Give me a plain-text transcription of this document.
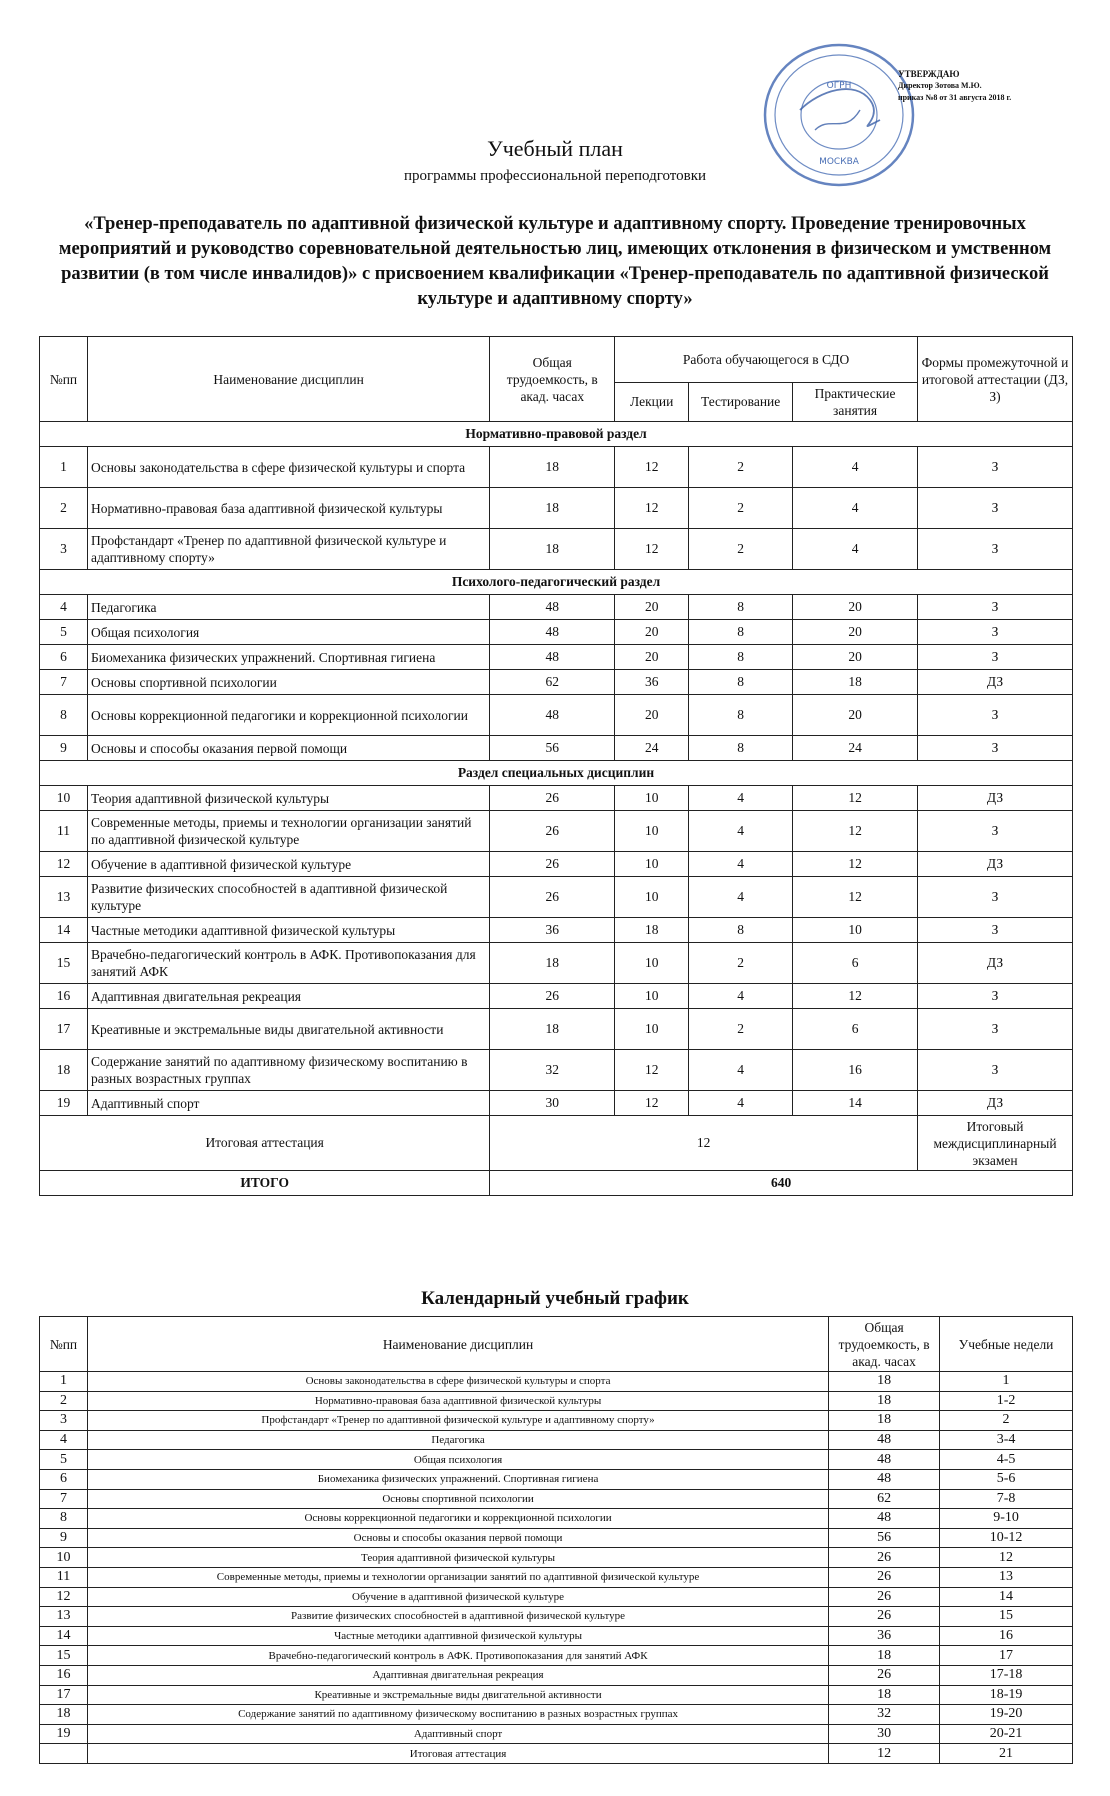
ОГРН
МОСКВА
УТВЕРЖДАЮ
Директор Зотова М.Ю.
приказ №8 от 31 августа 2018 г.
Учебный план
программы профессиональной переподготовки
«Тренер-преподаватель по адаптивной физической культуре и адаптивному спорту. Проведение тренировочных мероприятий и руководство соревновательной деятельностью лиц, имеющих отклонения в физическом и умственном развитии (в том числе инвалидов)» с присвоением квалификации «Тренер-преподаватель по адаптивной физической культуре и адаптивному спорту»
№пп	Наименование дисциплин	Общая трудоемкость, в акад. часах	Работа обучающегося в СДО			Формы промежуточной и итоговой аттестации (ДЗ, З)
			Лекции	Тестирование	Практические занятия	
Нормативно-правовой раздел						
1	Основы законодательства в сфере физической культуры и спорта	18	12	2	4	З
2	Нормативно-правовая база адаптивной физической культуры	18	12	2	4	З
3	Профстандарт «Тренер по адаптивной физической культуре и адаптивному спорту»	18	12	2	4	З
Психолого-педагогический раздел						
4	Педагогика	48	20	8	20	З
5	Общая психология	48	20	8	20	З
6	Биомеханика физических упражнений. Спортивная гигиена	48	20	8	20	З
7	Основы спортивной психологии	62	36	8	18	ДЗ
8	Основы коррекционной педагогики и коррекционной психологии	48	20	8	20	З
9	Основы и способы оказания первой помощи	56	24	8	24	З
Раздел специальных дисциплин						
10	Теория адаптивной физической культуры	26	10	4	12	ДЗ
11	Современные методы, приемы и технологии организации занятий по адаптивной физической культуре	26	10	4	12	З
12	Обучение в адаптивной физической культуре	26	10	4	12	ДЗ
13	Развитие физических способностей в адаптивной физической культуре	26	10	4	12	З
14	Частные методики адаптивной физической культуры	36	18	8	10	З
15	Врачебно-педагогический контроль в АФК. Противопоказания для занятий АФК	18	10	2	6	ДЗ
16	Адаптивная двигательная рекреация	26	10	4	12	З
17	Креативные и экстремальные виды двигательной активности	18	10	2	6	З
18	Содержание занятий по адаптивному физическому воспитанию в разных возрастных группах	32	12	4	16	З
19	Адаптивный спорт	30	12	4	14	ДЗ
Итоговая аттестация		12				Итоговый междисциплинарный экзамен
ИТОГО		640				
Календарный учебный график
№пп	Наименование дисциплин	Общая трудоемкость, в акад. часах	Учебные недели
1	Основы законодательства в сфере физической культуры и спорта	18	1
2	Нормативно-правовая база адаптивной физической культуры	18	1-2
3	Профстандарт «Тренер по адаптивной физической культуре и адаптивному спорту»	18	2
4	Педагогика	48	3-4
5	Общая психология	48	4-5
6	Биомеханика физических упражнений. Спортивная гигиена	48	5-6
7	Основы спортивной психологии	62	7-8
8	Основы коррекционной педагогики и коррекционной психологии	48	9-10
9	Основы и способы оказания первой помощи	56	10-12
10	Теория адаптивной физической культуры	26	12
11	Современные методы, приемы и технологии организации занятий по адаптивной физической культуре	26	13
12	Обучение в адаптивной физической культуре	26	14
13	Развитие физических способностей в адаптивной физической культуре	26	15
14	Частные методики адаптивной физической культуры	36	16
15	Врачебно-педагогический контроль в АФК. Противопоказания для занятий АФК	18	17
16	Адаптивная двигательная рекреация	26	17-18
17	Креативные и экстремальные виды двигательной активности	18	18-19
18	Содержание занятий по адаптивному физическому воспитанию в разных возрастных группах	32	19-20
19	Адаптивный спорт	30	20-21
	Итоговая аттестация	12	21
